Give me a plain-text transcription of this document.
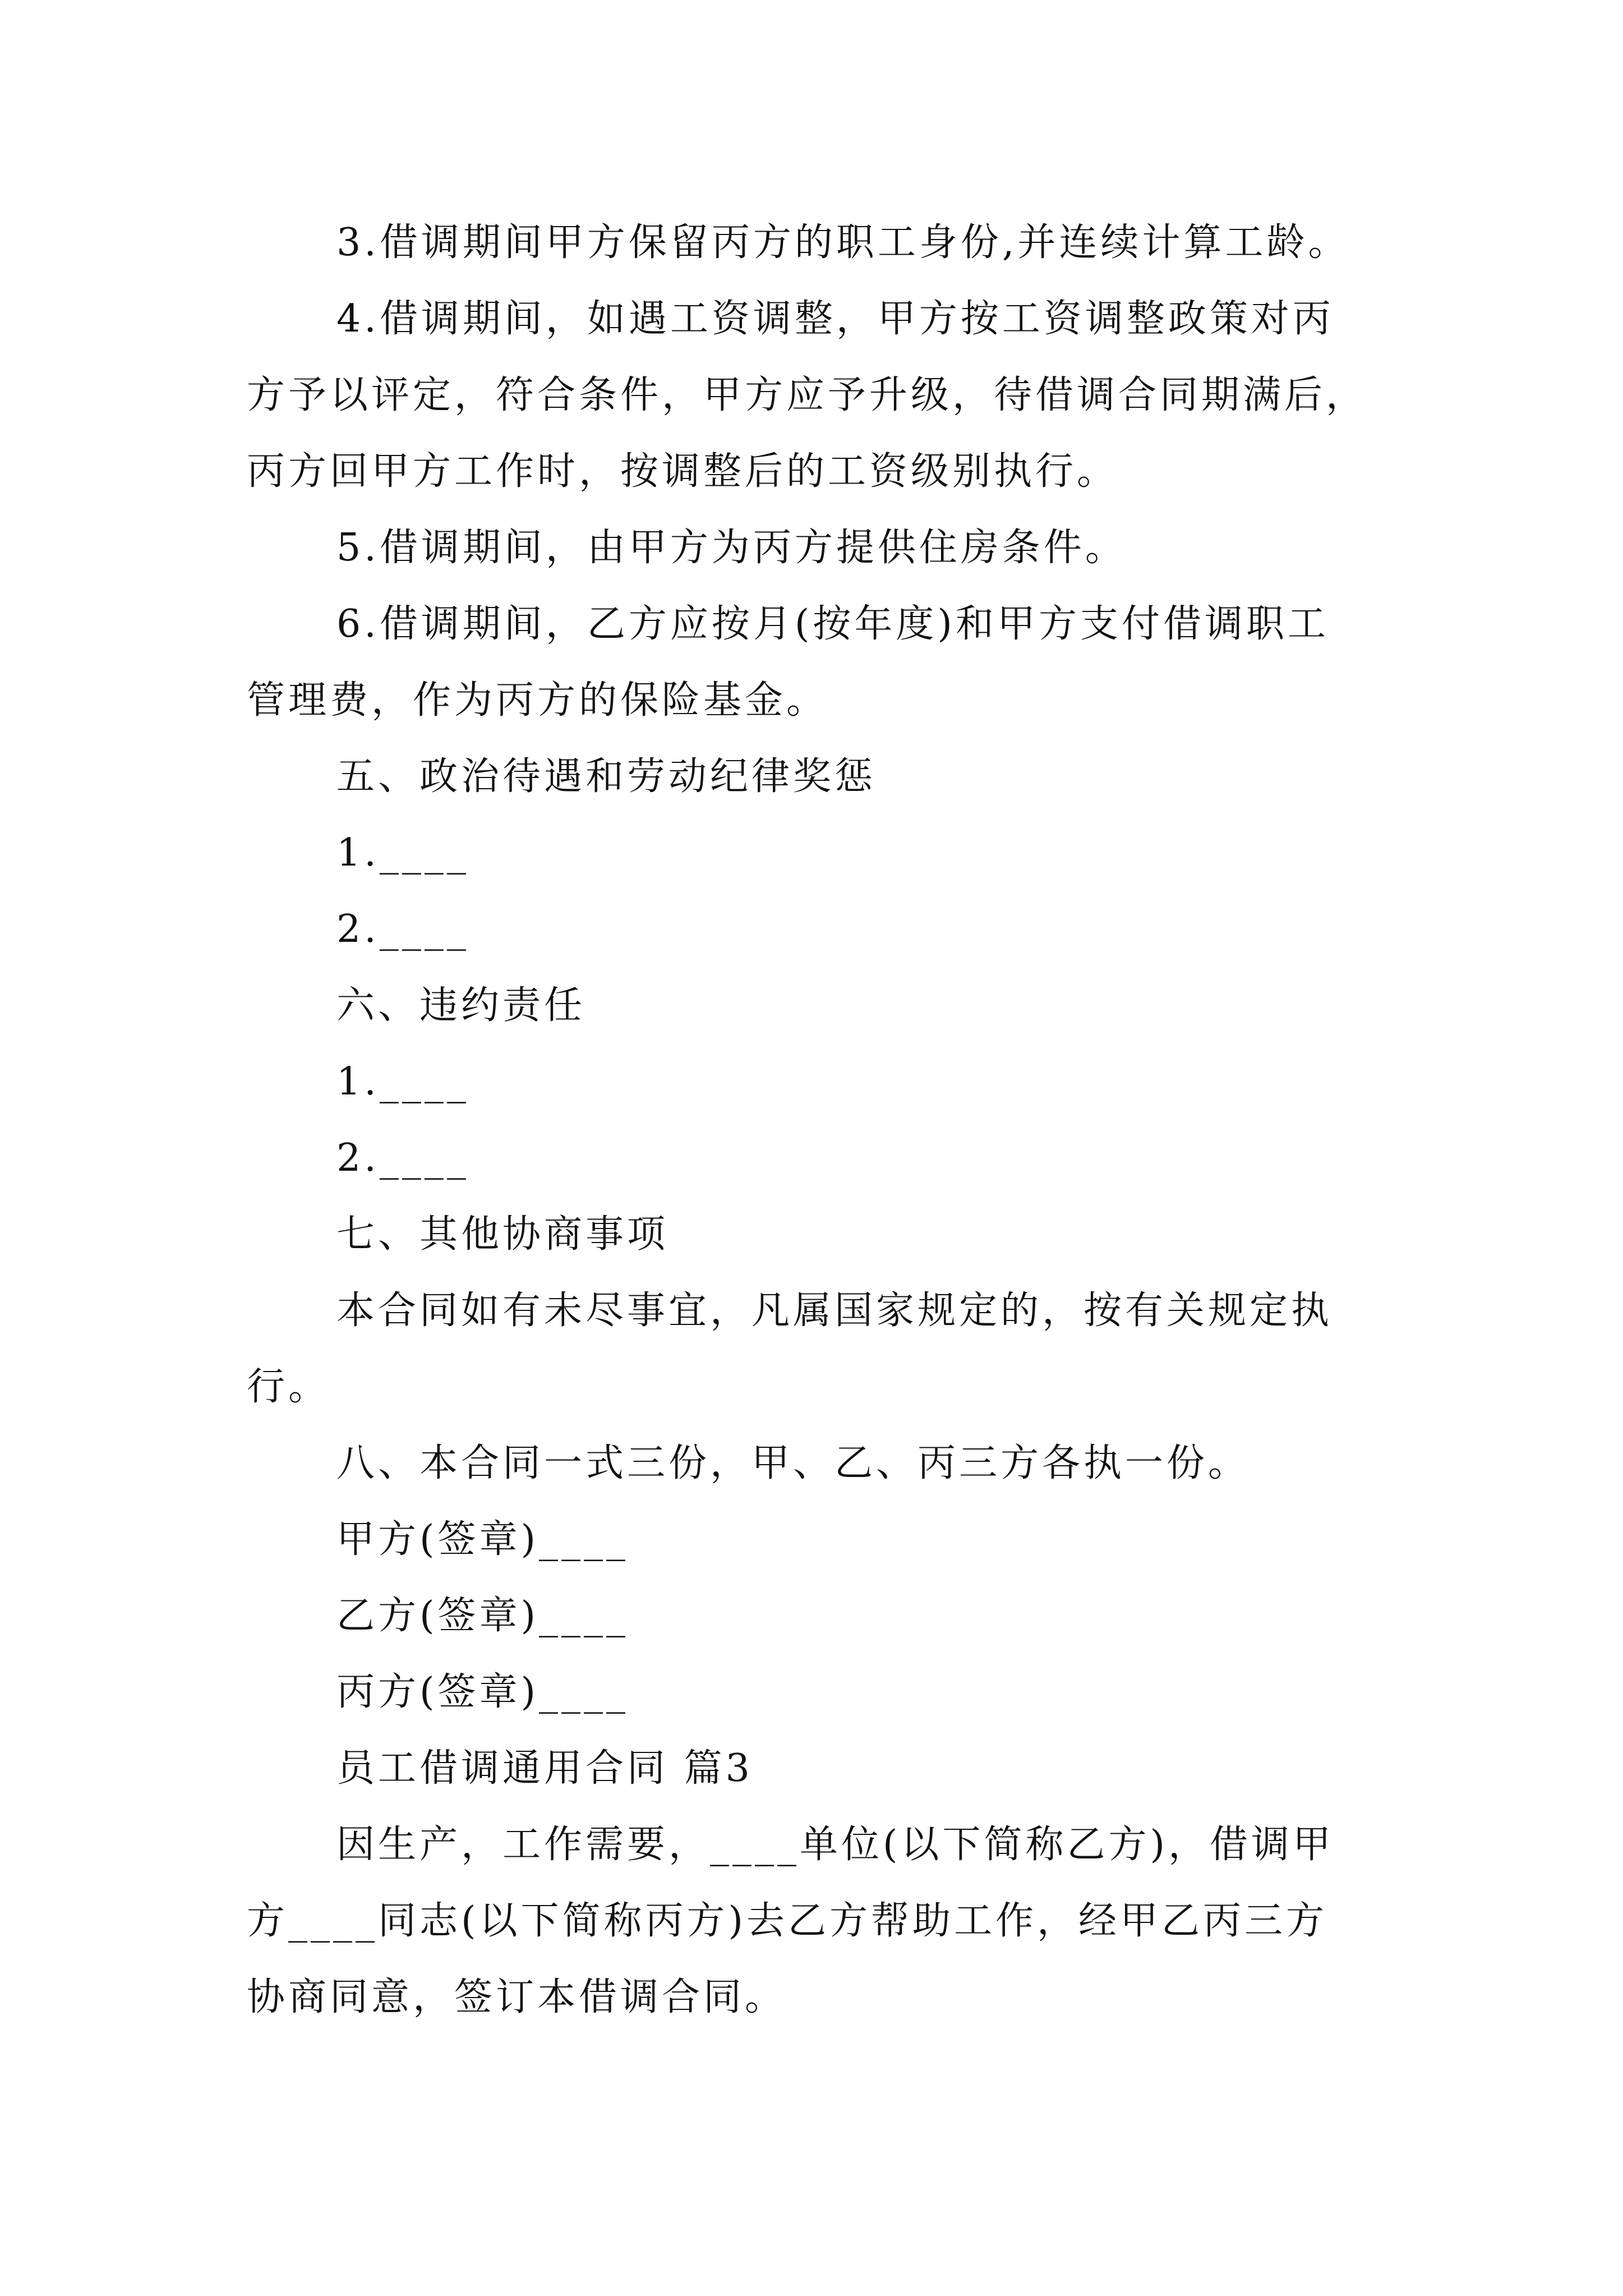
3.借调期间甲方保留丙方的职工身份,并连续计算工龄。
4.借调期间，如遇工资调整，甲方按工资调整政策对丙
方予以评定，符合条件，甲方应予升级，待借调合同期满后，
丙方回甲方工作时，按调整后的工资级别执行。
5.借调期间，由甲方为丙方提供住房条件。
6.借调期间，乙方应按月(按年度)和甲方支付借调职工
管理费，作为丙方的保险基金。
五、政治待遇和劳动纪律奖惩
1.____
2.____
六、违约责任
1.____
2.____
七、其他协商事项
本合同如有未尽事宜，凡属国家规定的，按有关规定执
行。
八、本合同一式三份，甲、乙、丙三方各执一份。
甲方(签章)____
乙方(签章)____
丙方(签章)____
员工借调通用合同 篇3
因生产，工作需要，____单位(以下简称乙方)，借调甲
方____同志(以下简称丙方)去乙方帮助工作，经甲乙丙三方
协商同意，签订本借调合同。
